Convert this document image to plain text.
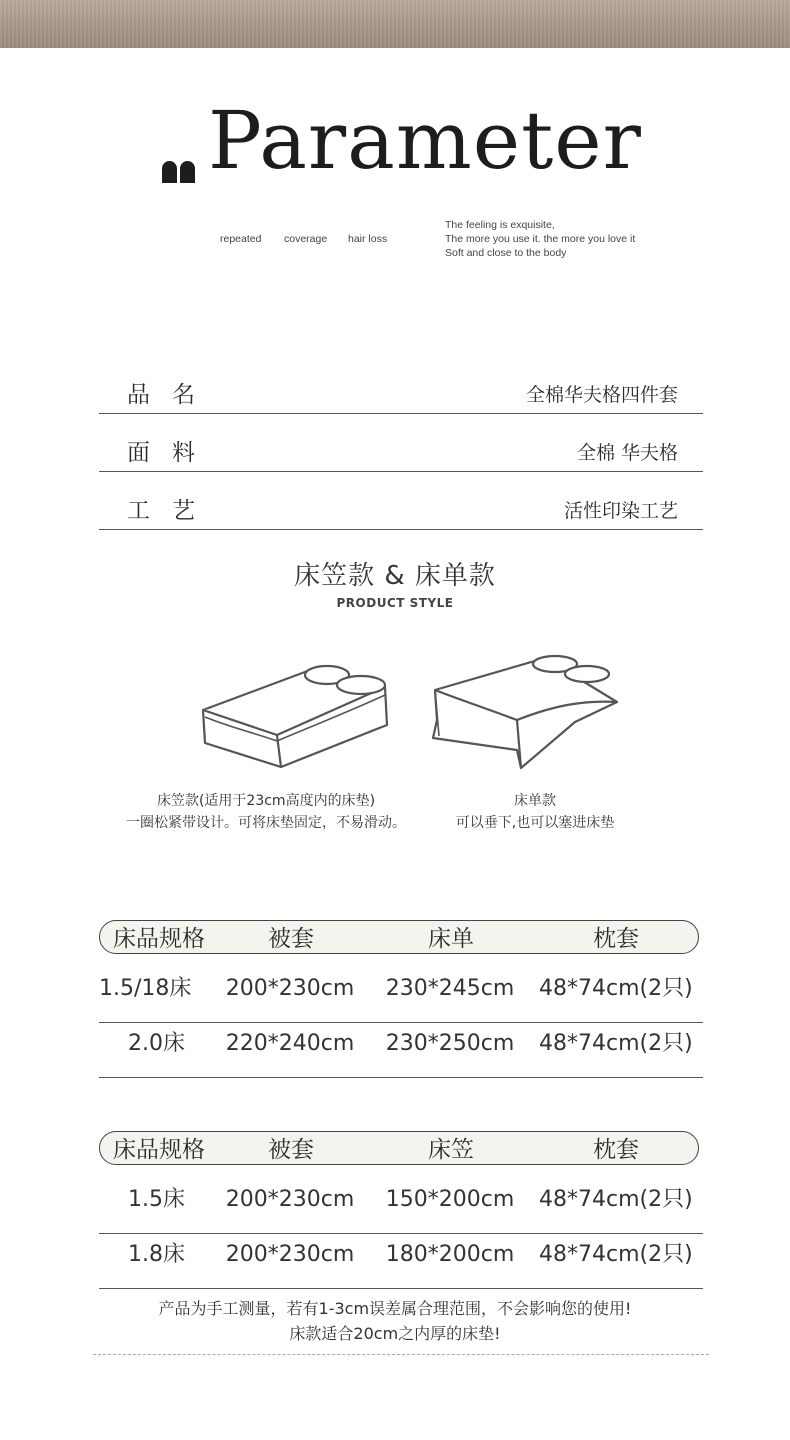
Parameter
repeated coverage hair loss
The feeling is exquisite,
The more you use it. the more you love it
Soft and close to the body
品名	全棉华夫格四件套
面料	全棉 华夫格
工艺	活性印染工艺
床笠款 & 床单款
PRODUCT STYLE
床笠款(适用于23cm高度内的床垫)
一圈松紧带设计。可将床垫固定，不易滑动。
床单款
可以垂下,也可以塞进床垫
床品规格	被套	床单	枕套
1.5/18床	200*230cm	230*245cm	48*74cm(2只)
2.0床	220*240cm	230*250cm	48*74cm(2只)
床品规格	被套	床笠	枕套
1.5床	200*230cm	150*200cm	48*74cm(2只)
1.8床	200*230cm	180*200cm	48*74cm(2只)
产品为手工测量，若有1-3cm误差属合理范围，不会影响您的使用!
床款适合20cm之内厚的床垫!
